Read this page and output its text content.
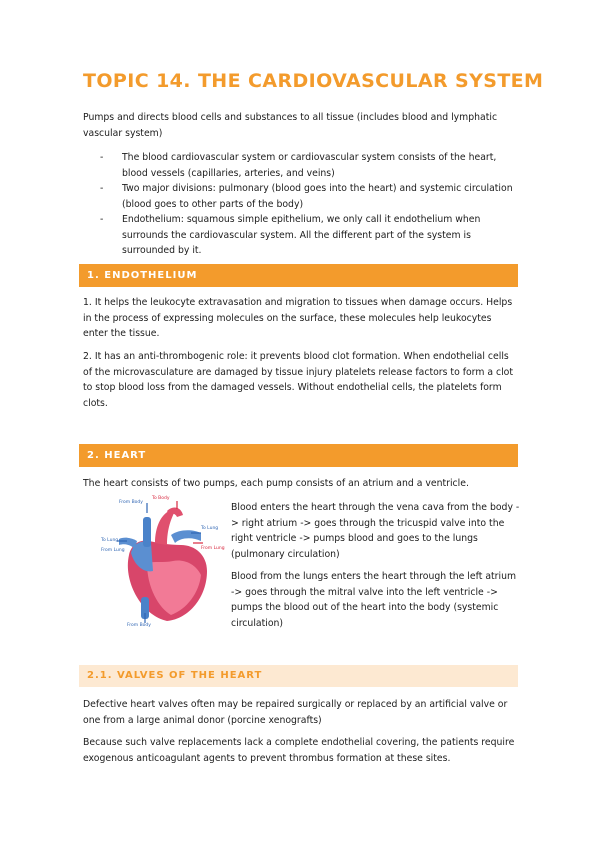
TOPIC 14. THE CARDIOVASCULAR SYSTEM
Pumps and directs blood cells and substances to all tissue (includes blood and lymphatic vascular system)
- The blood cardiovascular system or cardiovascular system consists of the heart, blood vessels (capillaries, arteries, and veins)
- Two major divisions: pulmonary (blood goes into the heart) and systemic circulation (blood goes to other parts of the body)
- Endothelium: squamous simple epithelium, we only call it endothelium when surrounds the cardiovascular system. All the different part of the system is surrounded by it.
1. ENDOTHELIUM
1. It helps the leukocyte extravasation and migration to tissues when damage occurs. Helps in the process of expressing molecules on the surface, these molecules help leukocytes enter the tissue.
2. It has an anti-thrombogenic role: it prevents blood clot formation. When endothelial cells of the microvasculature are damaged by tissue injury platelets release factors to form a clot to stop blood loss from the damaged vessels. Without endothelial cells, the platelets form clots.
2. HEART
The heart consists of two pumps, each pump consists of an atrium and a ventricle.
From Body
To Body
To Lung
From Lung
To Lung
From Lung
From Body
Blood enters the heart through the vena cava from the body -> right atrium -> goes through the tricuspid valve into the right ventricle -> pumps blood and goes to the lungs (pulmonary circulation)
Blood from the lungs enters the heart through the left atrium -> goes through the mitral valve into the left ventricle -> pumps the blood out of the heart into the body (systemic circulation)
2.1. VALVES OF THE HEART
Defective heart valves often may be repaired surgically or replaced by an artificial valve or one from a large animal donor (porcine xenografts)
Because such valve replacements lack a complete endothelial covering, the patients require exogenous anticoagulant agents to prevent thrombus formation at these sites.
